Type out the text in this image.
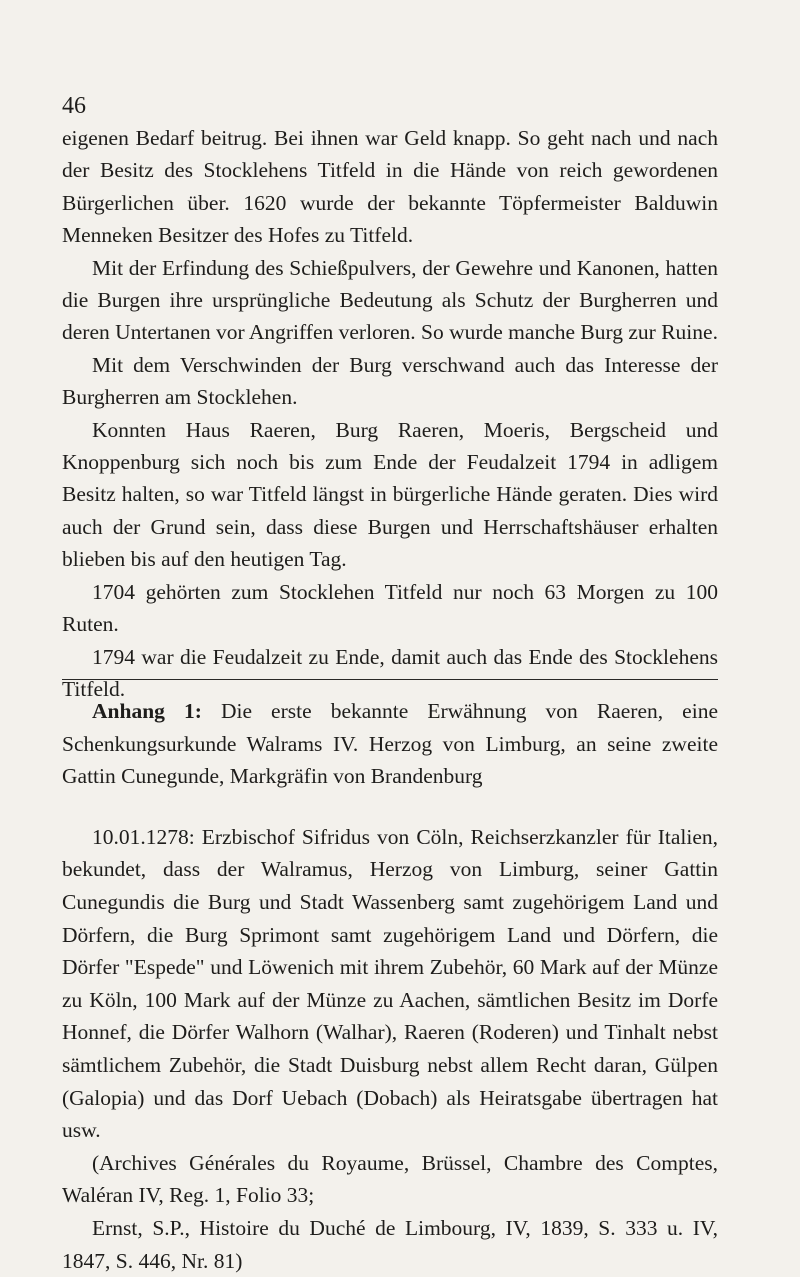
46

eigenen Bedarf beitrug. Bei ihnen war Geld knapp. So geht nach und nach der Besitz des Stocklehens Titfeld in die Hände von reich gewordenen Bürgerlichen über. 1620 wurde der bekannte Töpfermeister Balduwin Menneken Besitzer des Hofes zu Titfeld.

Mit der Erfindung des Schießpulvers, der Gewehre und Kanonen, hatten die Burgen ihre ursprüngliche Bedeutung als Schutz der Burgherren und deren Untertanen vor Angriffen verloren. So wurde manche Burg zur Ruine.

Mit dem Verschwinden der Burg verschwand auch das Interesse der Burgherren am Stocklehen.

Konnten Haus Raeren, Burg Raeren, Moeris, Bergscheid und Knoppenburg sich noch bis zum Ende der Feudalzeit 1794 in adligem Besitz halten, so war Titfeld längst in bürgerliche Hände geraten. Dies wird auch der Grund sein, dass diese Burgen und Herrschaftshäuser erhalten blieben bis auf den heutigen Tag.

1704 gehörten zum Stocklehen Titfeld nur noch 63 Morgen zu 100 Ruten.

1794 war die Feudalzeit zu Ende, damit auch das Ende des Stocklehens Titfeld.

Anhang 1: Die erste bekannte Erwähnung von Raeren, eine Schenkungsurkunde Walrams IV. Herzog von Limburg, an seine zweite Gattin Cunegunde, Markgräfin von Brandenburg

10.01.1278: Erzbischof Sifridus von Cöln, Reichserzkanzler für Italien, bekundet, dass der Walramus, Herzog von Limburg, seiner Gattin Cunegundis die Burg und Stadt Wassenberg samt zugehörigem Land und Dörfern, die Burg Sprimont samt zugehörigem Land und Dörfern, die Dörfer "Espede" und Löwenich mit ihrem Zubehör, 60 Mark auf der Münze zu Köln, 100 Mark auf der Münze zu Aachen, sämtlichen Besitz im Dorfe Honnef, die Dörfer Walhorn (Walhar), Raeren (Roderen) und Tinhalt nebst sämtlichem Zubehör, die Stadt Duisburg nebst allem Recht daran, Gülpen (Galopia) und das Dorf Uebach (Dobach) als Heiratsgabe übertragen hat usw.

(Archives Générales du Royaume, Brüssel, Chambre des Comptes, Waléran IV, Reg. 1, Folio 33;

Ernst, S.P., Histoire du Duché de Limbourg, IV, 1839, S. 333 u. IV, 1847, S. 446, Nr. 81)
